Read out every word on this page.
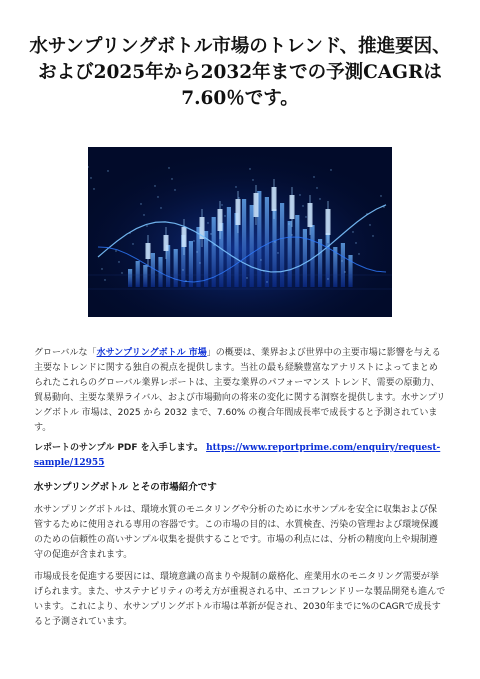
水サンプリングボトル市場のトレンド、推進要因、および2025年から2032年までの予測CAGRは7.60％です。
グローバルな「水サンプリングボトル 市場」の概要は、業界および世界中の主要市場に影響を与える主要なトレンドに関する独自の視点を提供します。当社の最も経験豊富なアナリストによってまとめられたこれらのグローバル業界レポートは、主要な業界のパフォーマンス トレンド、需要の原動力、貿易動向、主要な業界ライバル、および市場動向の将来の変化に関する洞察を提供します。水サンプリングボトル 市場は、2025 から 2032 まで、7.60% の複合年間成長率で成長すると予測されています。
レポートのサンプル PDF を入手します。 https://www.reportprime.com/enquiry/request-sample/12955
水サンプリングボトル とその市場紹介です
水サンプリングボトルは、環境水質のモニタリングや分析のために水サンプルを安全に収集および保管するために使用される専用の容器です。この市場の目的は、水質検査、汚染の管理および環境保護のための信頼性の高いサンプル収集を提供することです。市場の利点には、分析の精度向上や規制遵守の促進が含まれます。
市場成長を促進する要因には、環境意識の高まりや規制の厳格化、産業用水のモニタリング需要が挙げられます。また、サステナビリティの考え方が重視される中、エコフレンドリーな製品開発も進んでいます。これにより、水サンプリングボトル市場は革新が促され、2030年までに%のCAGRで成長すると予測されています。
